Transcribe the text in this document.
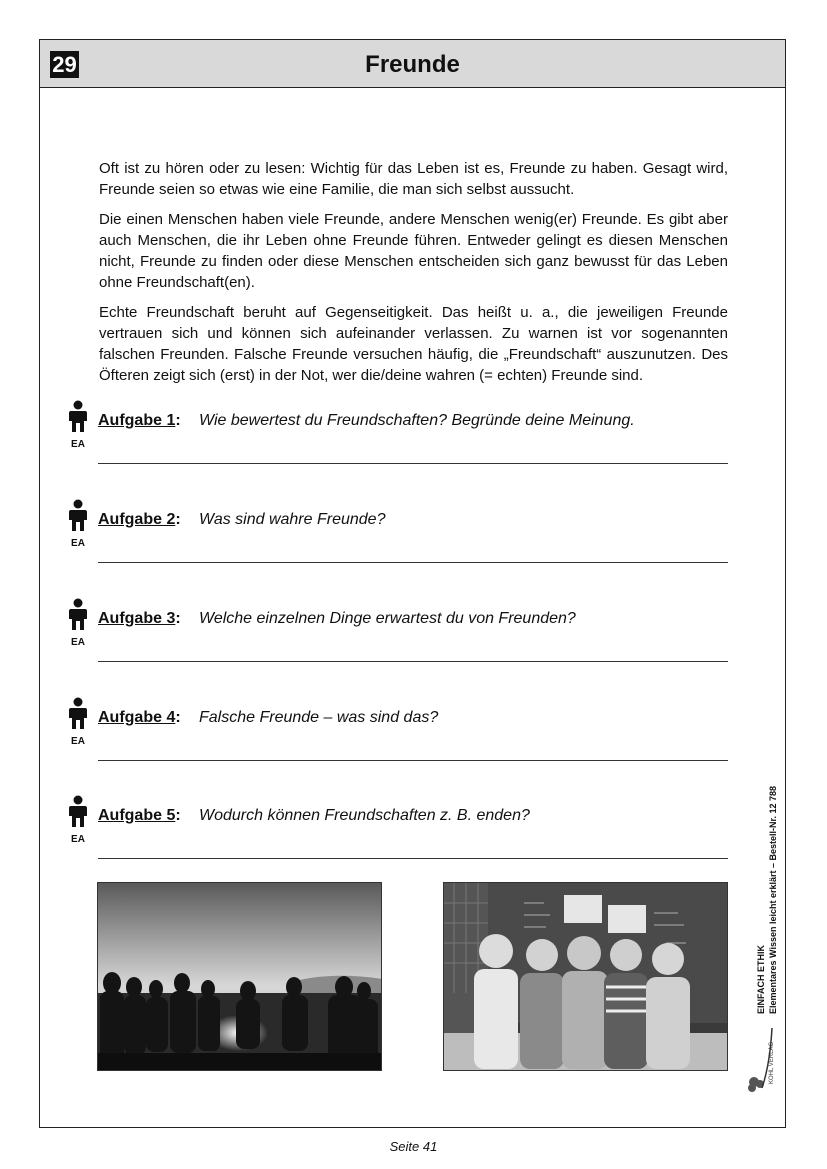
29	Freunde

Oft ist zu hören oder zu lesen: Wichtig für das Leben ist es, Freunde zu haben. Gesagt wird, Freunde seien so etwas wie eine Familie, die man sich selbst aussucht.

Die einen Menschen haben viele Freunde, andere Menschen wenig(er) Freunde. Es gibt aber auch Menschen, die ihr Leben ohne Freunde führen. Entweder gelingt es diesen Menschen nicht, Freunde zu finden oder diese Menschen entscheiden sich ganz bewusst für das Leben ohne Freundschaft(en).

Echte Freundschaft beruht auf Gegenseitigkeit. Das heißt u. a., die jeweiligen Freunde vertrauen sich und können sich aufeinander verlassen. Zu warnen ist vor sogenannten falschen Freunden. Falsche Freunde versuchen häufig, die „Freundschaft“ auszunutzen. Des Öfteren zeigt sich (erst) in der Not, wer die/deine wahren (= echten) Freunde sind.

EA
Aufgabe 1: Wie bewertest du Freundschaften? Begründe deine Meinung.
EA
Aufgabe 2: Was sind wahre Freunde?
EA
Aufgabe 3: Welche einzelnen Dinge erwartest du von Freunden?
EA
Aufgabe 4: Falsche Freunde – was sind das?
EA
Aufgabe 5: Wodurch können Freundschaften z. B. enden?
EINFACH ETHIK Elementares Wissen leicht erklärt – Bestell-Nr. 12 788
KOHL VERLAG
Seite 41
